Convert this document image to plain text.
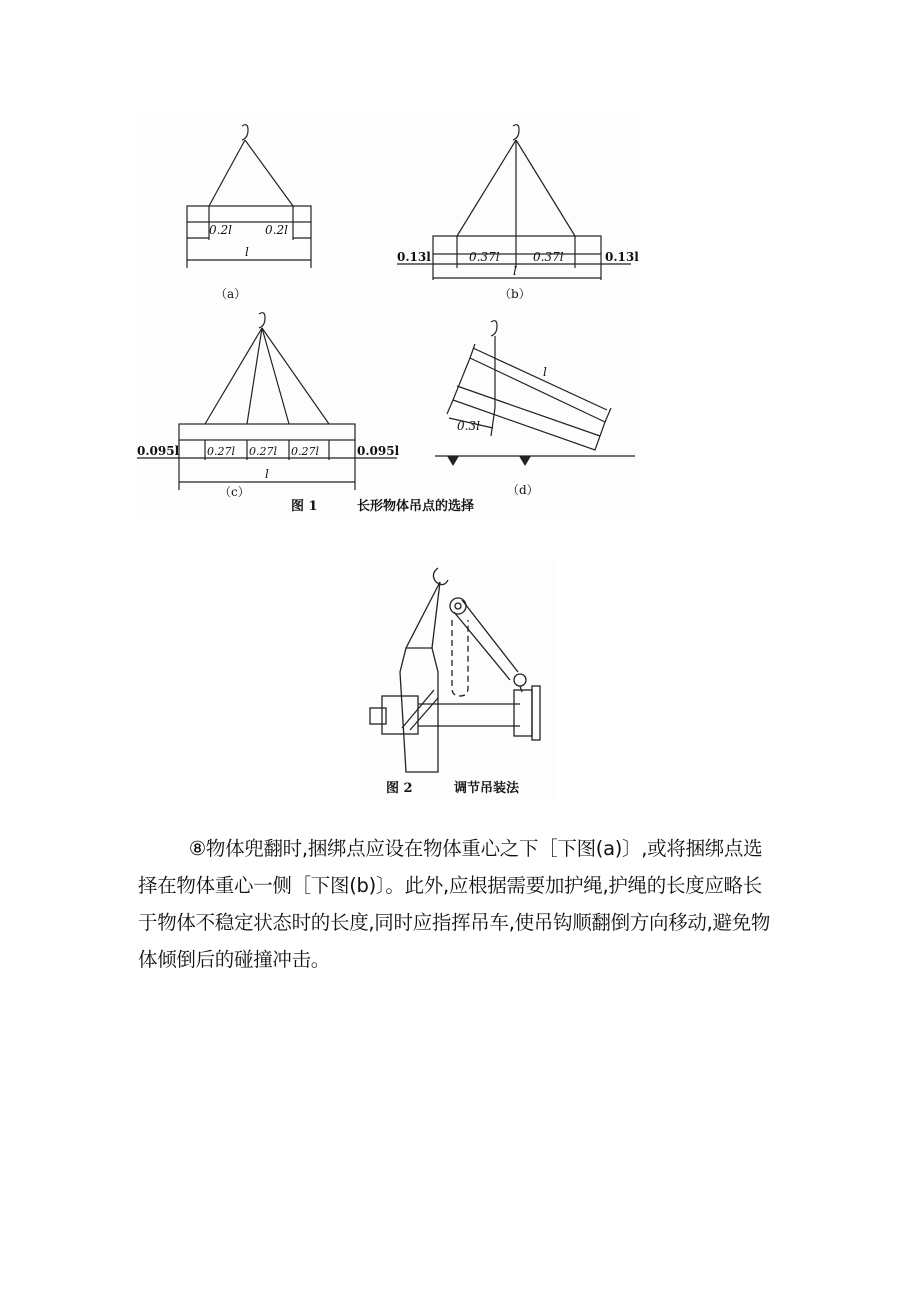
0.2l	0.2l
l
（a）
0.13l	0.37l	0.37l	0.13l
l
（b）
0.095l	0.27l 0.27l 0.27l	0.095l
l
（c）
l
0.3l
（d）
图 1	长形物体吊点的选择
图 2	调节吊装法

⑧物体兜翻时,捆绑点应设在物体重心之下［下图(a)〕,或将捆绑点选择在物体重心一侧［下图(b)〕。此外,应根据需要加护绳,护绳的长度应略长于物体不稳定状态时的长度,同时应指挥吊车,使吊钩顺翻倒方向移动,避免物体倾倒后的碰撞冲击。
